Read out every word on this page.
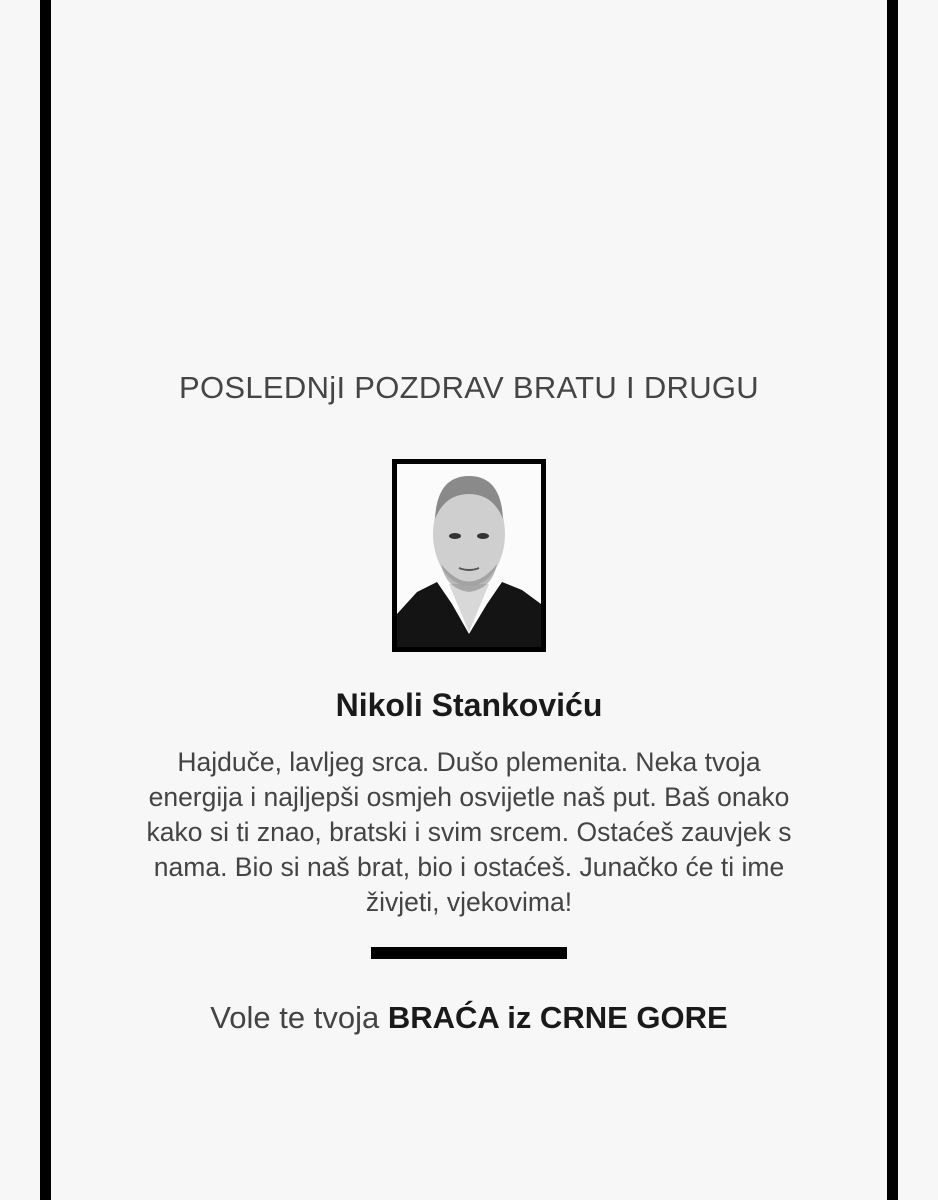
POSLEDNjI POZDRAV BRATU I DRUGU
Nikoli Stankoviću
Hajduče, lavljeg srca. Dušo plemenita. Neka tvoja
energija i najljepši osmjeh osvijetle naš put. Baš onako
kako si ti znao, bratski i svim srcem. Ostaćeš zauvjek s
nama. Bio si naš brat, bio i ostaćeš. Junačko će ti ime
živjeti, vjekovima!
Vole te tvoja BRAĆA iz CRNE GORE
